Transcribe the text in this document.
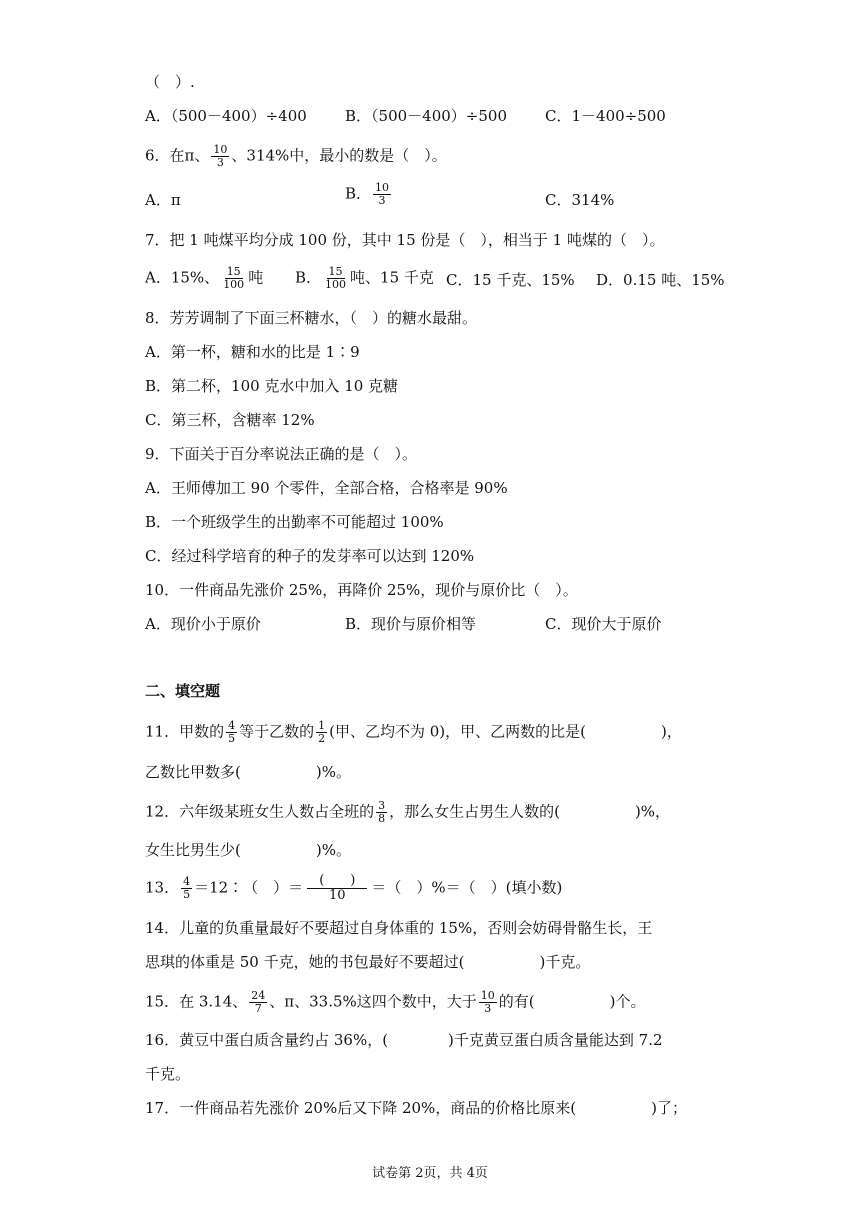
（　）.
A．（500－400）÷400	B．（500－400）÷500	C．1－400÷500
6．在π、 $\frac{10}{3}$ 、314%中，最小的数是（　）。
A．π	B． $\frac{10}{3}$	C．314%
7．把 1 吨煤平均分成 100 份，其中 15 份是（　），相当于 1 吨煤的（　）。
A．15%、 $\frac{15}{100}$ 吨 B． $\frac{15}{100}$ 吨、15 千克 C．15 千克、15% D．0.15 吨、15%
8．芳芳调制了下面三杯糖水，（　）的糖水最甜。
A．第一杯，糖和水的比是 1∶9
B．第二杯，100 克水中加入 10 克糖
C．第三杯，含糖率 12%
9．下面关于百分率说法正确的是（　）。
A．王师傅加工 90 个零件，全部合格，合格率是 90%
B．一个班级学生的出勤率不可能超过 100%
C．经过科学培育的种子的发芽率可以达到 120%
10．一件商品先涨价 25%，再降价 25%，现价与原价比（　）。
A．现价小于原价	B．现价与原价相等	C．现价大于原价
二、填空题
11．甲数的 $\frac{4}{5}$ 等于乙数的 $\frac{1}{2}$ (甲、乙均不为 0)，甲、乙两数的比是(　　　　　)，
乙数比甲数多(　　　　　)%。
12．六年级某班女生人数占全班的 $\frac{3}{8}$ ，那么女生占男生人数的(　　　　　)%，
女生比男生少(　　　　　)%。
13． $\frac{4}{5}$ ＝12∶（　）＝ $\frac{( )}{10}$ ＝（　）%＝（　）(填小数)
14．儿童的负重量最好不要超过自身体重的 15%，否则会妨碍骨骼生长，王
思琪的体重是 50 千克，她的书包最好不要超过(　　　　　)千克。
15．在 3.14、 $\frac{24}{7}$ 、π、33.5%这四个数中，大于 $\frac{10}{3}$ 的有(　　　　　)个。
16．黄豆中蛋白质含量约占 36%，(　　　　)千克黄豆蛋白质含量能达到 7.2
千克。
17．一件商品若先涨价 20%后又下降 20%，商品的价格比原来(　　　　　)了；
试卷第 2页，共 4页
